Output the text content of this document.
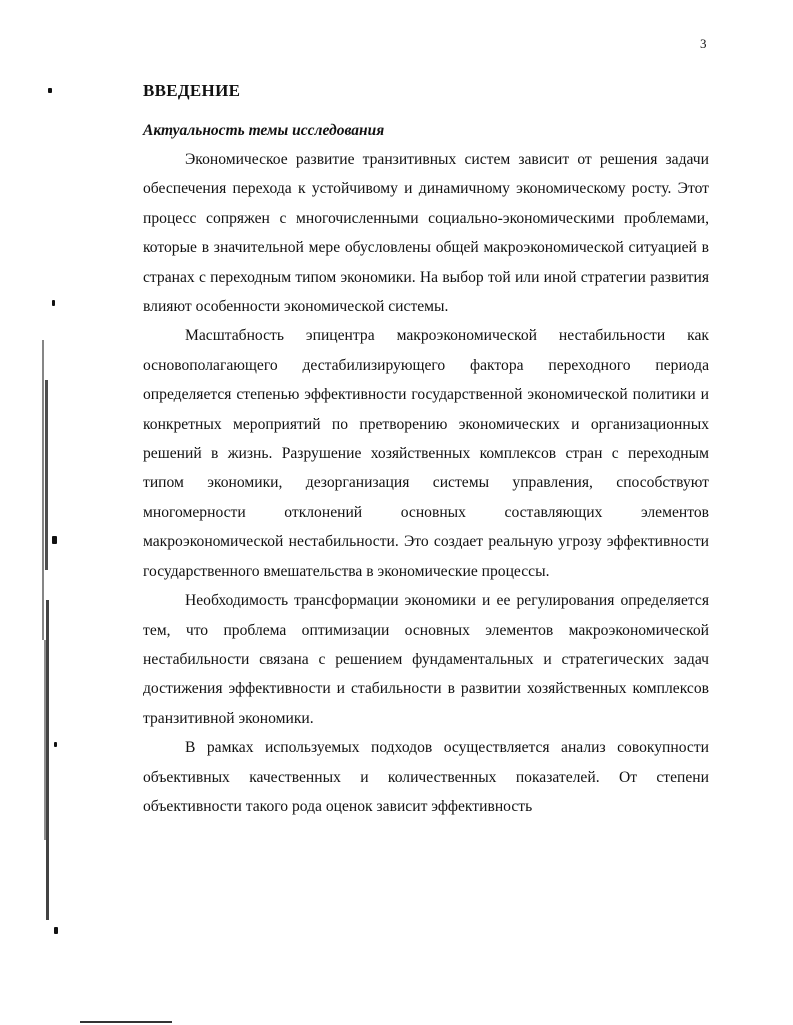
3
ВВЕДЕНИЕ
Актуальность темы исследования

Экономическое развитие транзитивных систем зависит от решения задачи обеспечения перехода к устойчивому и динамичному экономическому росту. Этот процесс сопряжен с многочисленными социально-экономическими проблемами, которые в значительной мере обусловлены общей макроэкономической ситуацией в странах с переходным типом экономики. На выбор той или иной стратегии развития влияют особенности экономической системы.

Масштабность эпицентра макроэкономической нестабильности как основополагающего дестабилизирующего фактора переходного периода определяется степенью эффективности государственной экономической политики и конкретных мероприятий по претворению экономических и организационных решений в жизнь. Разрушение хозяйственных комплексов стран с переходным типом экономики, дезорганизация системы управления, способствуют многомерности отклонений основных составляющих элементов макроэкономической нестабильности. Это создает реальную угрозу эффективности государственного вмешательства в экономические процессы.

Необходимость трансформации экономики и ее регулирования определяется тем, что проблема оптимизации основных элементов макроэкономической нестабильности связана с решением фундаментальных и стратегических задач достижения эффективности и стабильности в развитии хозяйственных комплексов транзитивной экономики.

В рамках используемых подходов осуществляется анализ совокупности объективных качественных и количественных показателей. От степени объективности такого рода оценок зависит эффективность
